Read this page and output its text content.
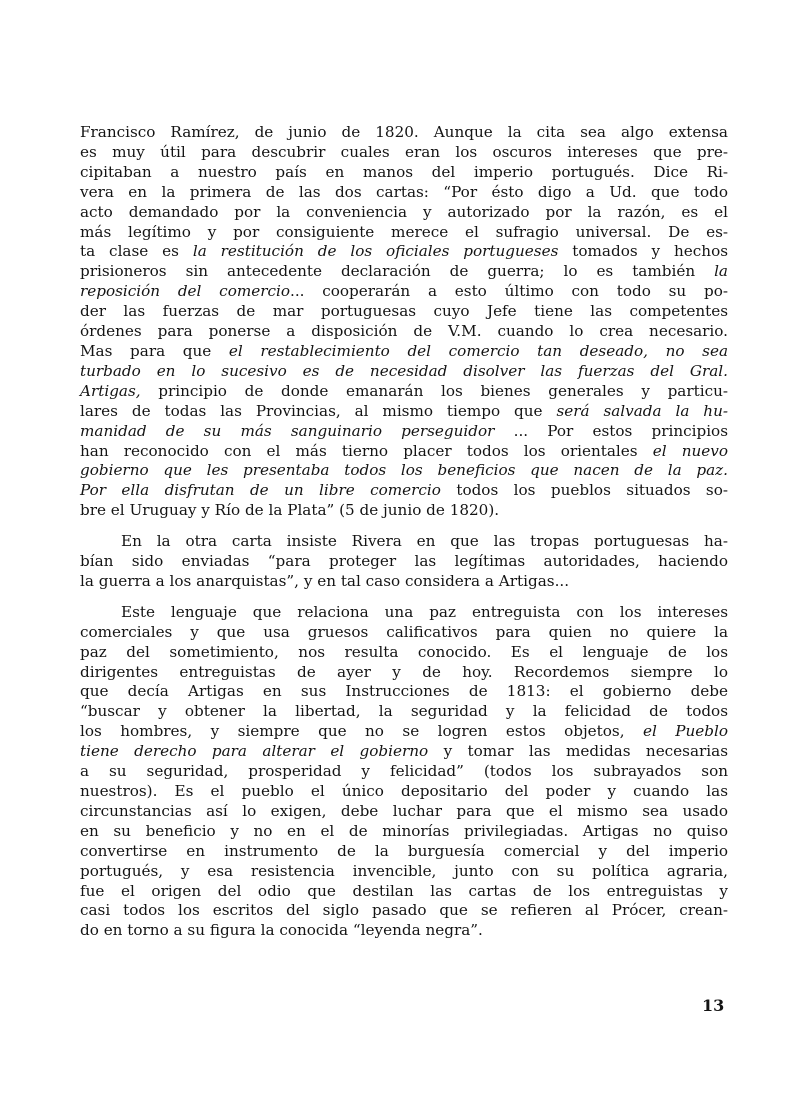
Francisco Ramírez, de junio de 1820. Aunque la cita sea algo extensa
es muy útil para descubrir cuales eran los oscuros intereses que pre-
cipitaban a nuestro país en manos del imperio portugués. Dice Ri-
vera en la primera de las dos cartas: “Por ésto digo a Ud. que todo
acto demandado por la conveniencia y autorizado por la razón, es el
más legítimo y por consiguiente merece el sufragio universal. De es-
ta clase es la restitución de los oficiales portugueses tomados y hechos
prisioneros sin antecedente declaración de guerra; lo es también la
reposición del comercio... cooperarán a esto último con todo su po-
der las fuerzas de mar portuguesas cuyo Jefe tiene las competentes
órdenes para ponerse a disposición de V.M. cuando lo crea necesario.
Mas para que el restablecimiento del comercio tan deseado, no sea
turbado en lo sucesivo es de necesidad disolver las fuerzas del Gral.
Artigas, principio de donde emanarán los bienes generales y particu-
lares de todas las Provincias, al mismo tiempo que será salvada la hu-
manidad de su más sanguinario perseguidor ... Por estos principios
han reconocido con el más tierno placer todos los orientales el nuevo
gobierno que les presentaba todos los beneficios que nacen de la paz.
Por ella disfrutan de un libre comercio todos los pueblos situados so-
bre el Uruguay y Río de la Plata” (5 de junio de 1820).

En la otra carta insiste Rivera en que las tropas portuguesas ha-
bían sido enviadas “para proteger las legítimas autoridades, haciendo
la guerra a los anarquistas”, y en tal caso considera a Artigas...

Este lenguaje que relaciona una paz entreguista con los intereses
comerciales y que usa gruesos calificativos para quien no quiere la
paz del sometimiento, nos resulta conocido. Es el lenguaje de los
dirigentes entreguistas de ayer y de hoy. Recordemos siempre lo
que decía Artigas en sus Instrucciones de 1813: el gobierno debe
“buscar y obtener la libertad, la seguridad y la felicidad de todos
los hombres, y siempre que no se logren estos objetos, el Pueblo
tiene derecho para alterar el gobierno y tomar las medidas necesarias
a su seguridad, prosperidad y felicidad” (todos los subrayados son
nuestros). Es el pueblo el único depositario del poder y cuando las
circunstancias así lo exigen, debe luchar para que el mismo sea usado
en su beneficio y no en el de minorías privilegiadas. Artigas no quiso
convertirse en instrumento de la burguesía comercial y del imperio
portugués, y esa resistencia invencible, junto con su política agraria,
fue el origen del odio que destilan las cartas de los entreguistas y
casi todos los escritos del siglo pasado que se refieren al Prócer, crean-
do en torno a su figura la conocida “leyenda negra”.

13
